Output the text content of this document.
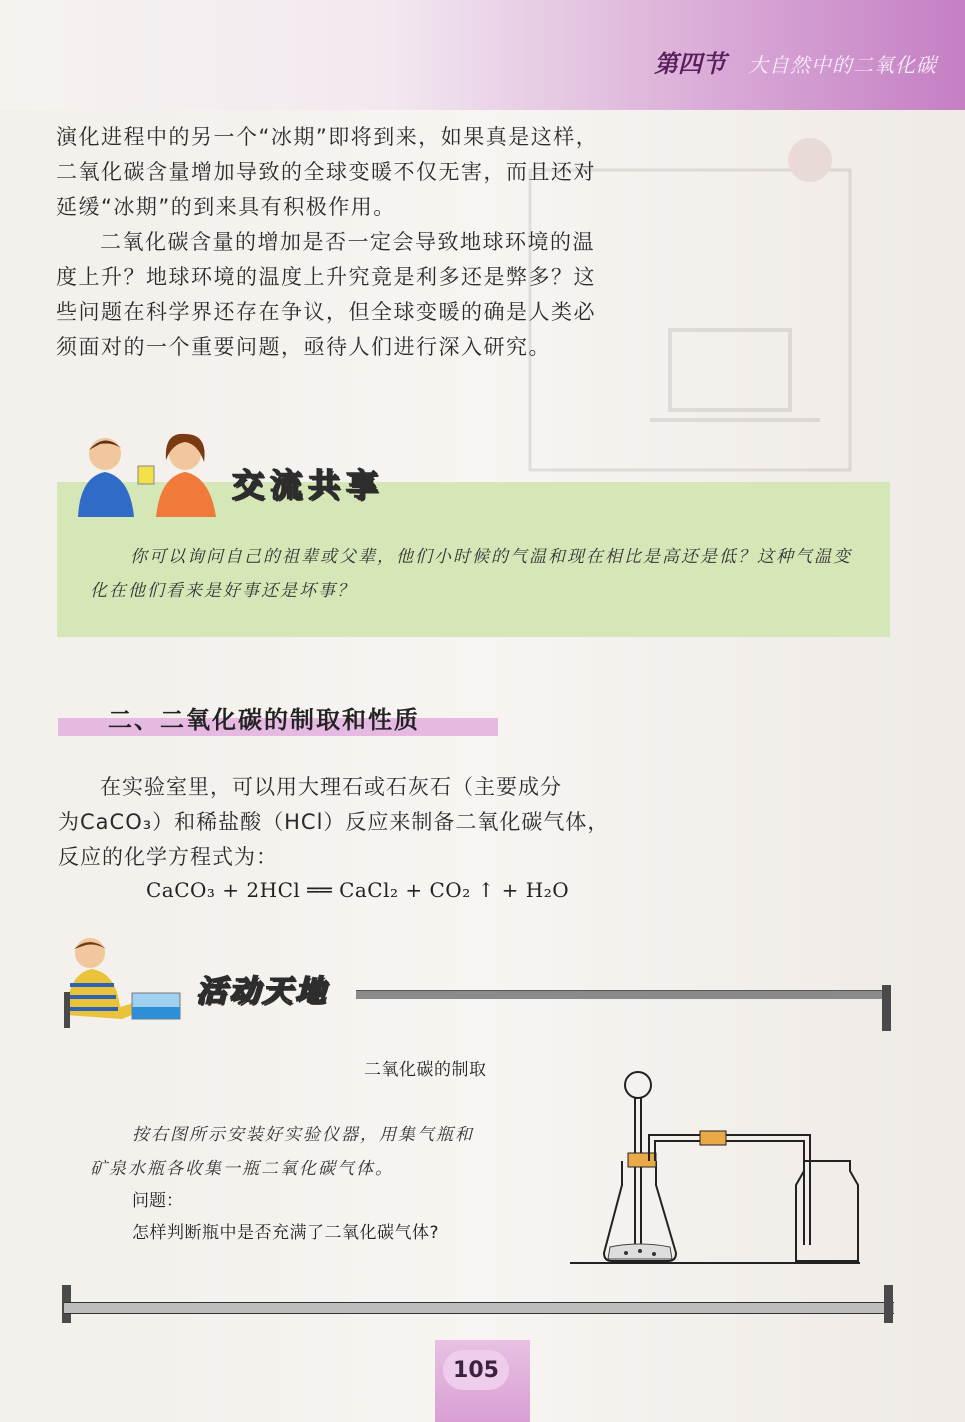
第四节 大自然中的二氧化碳

演化进程中的另一个“冰期”即将到来，如果真是这样，二氧化碳含量增加导致的全球变暖不仅无害，而且还对延缓“冰期”的到来具有积极作用。

二氧化碳含量的增加是否一定会导致地球环境的温度上升？地球环境的温度上升究竟是利多还是弊多？这些问题在科学界还存在争议，但全球变暖的确是人类必须面对的一个重要问题，亟待人们进行深入研究。

交流共享

你可以询问自己的祖辈或父辈，他们小时候的气温和现在相比是高还是低？这种气温变化在他们看来是好事还是坏事？

二、二氧化碳的制取和性质

在实验室里，可以用大理石或石灰石（主要成分
为CaCO₃）和稀盐酸（HCl）反应来制备二氧化碳气体，反应的化学方程式为：

CaCO₃ + 2HCl ══ CaCl₂ + CO₂ ↑ + H₂O
活动天地
二氧化碳的制取

按右图所示安装好实验仪器，用集气瓶和
矿泉水瓶各收集一瓶二氧化碳气体。

问题：
怎样判断瓶中是否充满了二氧化碳气体?
105
